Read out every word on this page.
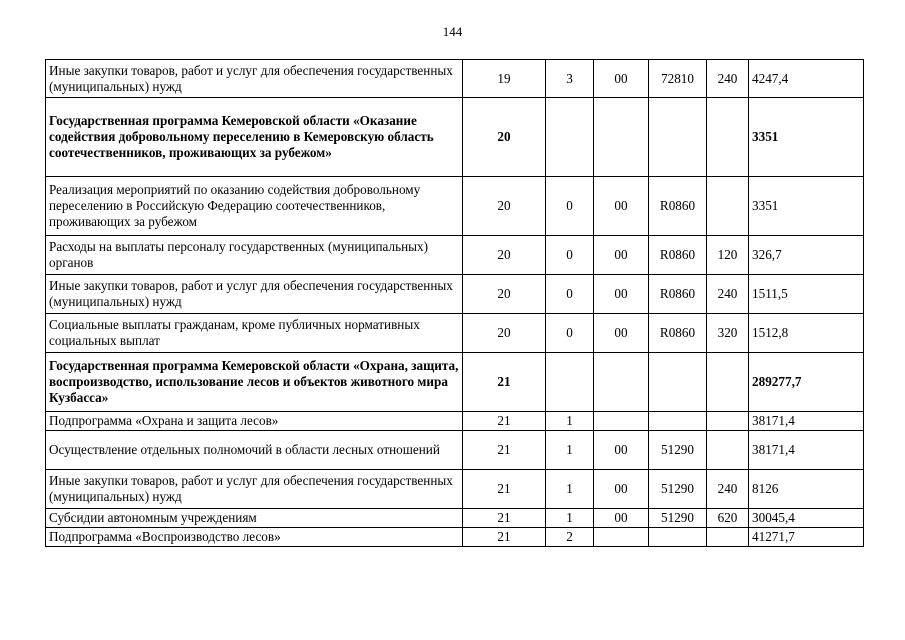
144
Иные закупки товаров, работ и услуг для обеспечения государственных (муниципальных) нужд	19	3	00	72810	240	4247,4
Государственная программа Кемеровской области «Оказание содействия добровольному переселению в Кемеровскую область соотечественников, проживающих за рубежом»	20					3351
Реализация мероприятий по оказанию содействия добровольному переселению в Российскую Федерацию соотечественников, проживающих за рубежом	20	0	00	R0860		3351
Расходы на выплаты персоналу государственных (муниципальных) органов	20	0	00	R0860	120	326,7
Иные закупки товаров, работ и услуг для обеспечения государственных (муниципальных) нужд	20	0	00	R0860	240	1511,5
Социальные выплаты гражданам, кроме публичных нормативных социальных выплат	20	0	00	R0860	320	1512,8
Государственная программа Кемеровской области «Охрана, защита, воспроизводство, использование лесов и объектов животного мира Кузбасса»	21					289277,7
Подпрограмма «Охрана и защита лесов»	21	1				38171,4
Осуществление отдельных полномочий в области лесных отношений	21	1	00	51290		38171,4
Иные закупки товаров, работ и услуг для обеспечения государственных (муниципальных) нужд	21	1	00	51290	240	8126
Субсидии автономным учреждениям	21	1	00	51290	620	30045,4
Подпрограмма «Воспроизводство лесов»	21	2				41271,7
